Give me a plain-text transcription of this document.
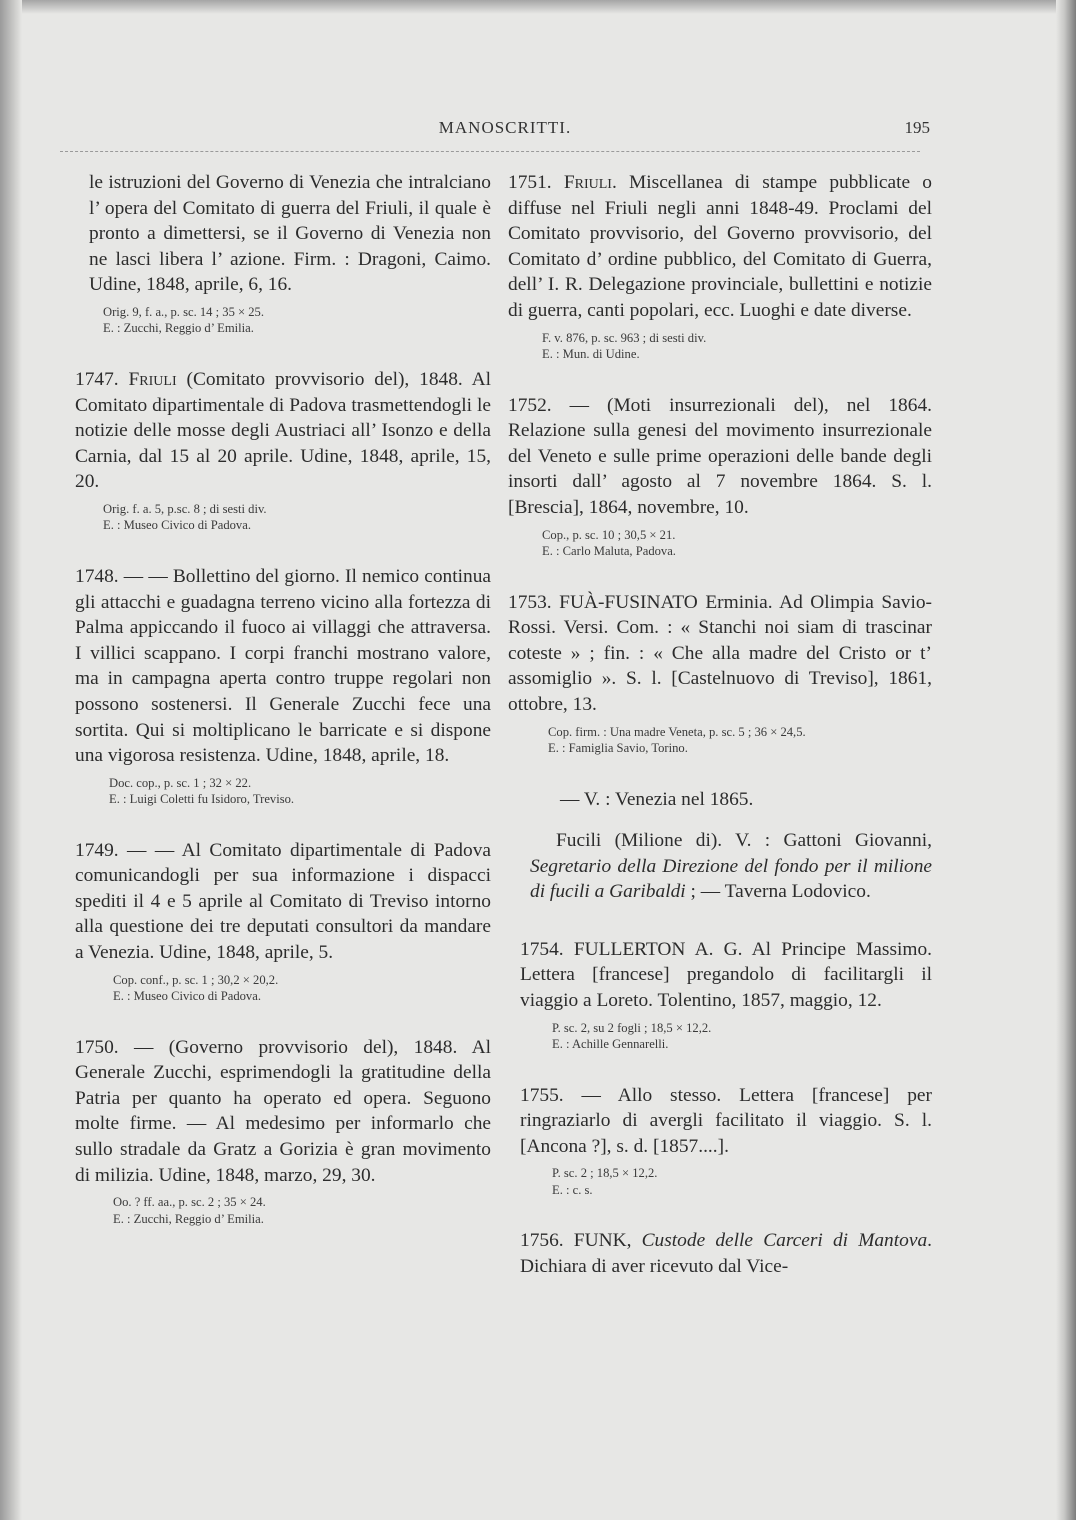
MANOSCRITTI.	195

le istruzioni del Governo di Venezia che intralciano l’ opera del Comitato di guerra del Friuli, il quale è pronto a dimettersi, se il Governo di Venezia non ne lasci libera l’ azione. Firm. : Dragoni, Caimo. Udine, 1848, aprile, 6, 16.

Orig. 9, f. a., p. sc. 14 ; 35 × 25.

E. : Zucchi, Reggio d’ Emilia.

1747. Friuli (Comitato provvisorio del), 1848. Al Comitato dipartimentale di Padova trasmettendogli le notizie delle mosse degli Austriaci all’ Isonzo e della Carnia, dal 15 al 20 aprile. Udine, 1848, aprile, 15, 20.

Orig. f. a. 5, p.sc. 8 ; di sesti div.

E. : Museo Civico di Padova.

1748. — — Bollettino del giorno. Il nemico continua gli attacchi e guadagna terreno vicino alla fortezza di Palma appiccando il fuoco ai villaggi che attraversa. I villici scappano. I corpi franchi mostrano valore, ma in campagna aperta contro truppe regolari non possono sostenersi. Il Generale Zucchi fece una sortita. Qui si moltiplicano le barricate e si dispone una vigorosa resistenza. Udine, 1848, aprile, 18.

Doc. cop., p. sc. 1 ; 32 × 22.

E. : Luigi Coletti fu Isidoro, Treviso.

1749. — — Al Comitato dipartimentale di Padova comunicandogli per sua informazione i dispacci spediti il 4 e 5 aprile al Comitato di Treviso intorno alla questione dei tre deputati consultori da mandare a Venezia. Udine, 1848, aprile, 5.

Cop. conf., p. sc. 1 ; 30,2 × 20,2.

E. : Museo Civico di Padova.

1750. — (Governo provvisorio del), 1848. Al Generale Zucchi, esprimendogli la gratitudine della Patria per quanto ha operato ed opera. Seguono molte firme. — Al medesimo per informarlo che sullo stradale da Gratz a Gorizia è gran movimento di milizia. Udine, 1848, marzo, 29, 30.

Oo. ? ff. aa., p. sc. 2 ; 35 × 24.

E. : Zucchi, Reggio d’ Emilia.

1751. Friuli. Miscellanea di stampe pubblicate o diffuse nel Friuli negli anni 1848-49. Proclami del Comitato provvisorio, del Governo provvisorio, del Comitato d’ ordine pubblico, del Comitato di Guerra, dell’ I. R. Delegazione provinciale, bullettini e notizie di guerra, canti popolari, ecc. Luoghi e date diverse.

F. v. 876, p. sc. 963 ; di sesti div.

E. : Mun. di Udine.

1752. — (Moti insurrezionali del), nel 1864. Relazione sulla genesi del movimento insurrezionale del Veneto e sulle prime operazioni delle bande degli insorti dall’ agosto al 7 novembre 1864. S. l. [Brescia], 1864, novembre, 10.

Cop., p. sc. 10 ; 30,5 × 21.

E. : Carlo Maluta, Padova.

1753. FUÀ-FUSINATO Erminia. Ad Olimpia Savio-Rossi. Versi. Com. : « Stanchi noi siam di trascinar coteste » ; fin. : « Che alla madre del Cristo or t’ assomiglio ». S. l. [Castelnuovo di Treviso], 1861, ottobre, 13.

Cop. firm. : Una madre Veneta, p. sc. 5 ; 36 × 24,5.

E. : Famiglia Savio, Torino.

— V. : Venezia nel 1865.

Fucili (Milione di). V. : Gattoni Giovanni, Segretario della Direzione del fondo per il milione di fucili a Garibaldi ; — Taverna Lodovico.

1754. FULLERTON A. G. Al Principe Massimo. Lettera [francese] pregandolo di facilitargli il viaggio a Loreto. Tolentino, 1857, maggio, 12.

P. sc. 2, su 2 fogli ; 18,5 × 12,2.

E. : Achille Gennarelli.

1755. — Allo stesso. Lettera [francese] per ringraziarlo di avergli facilitato il viaggio. S. l. [Ancona ?], s. d. [1857....].

P. sc. 2 ; 18,5 × 12,2.

E. : c. s.

1756. FUNK, Custode delle Carceri di Mantova. Dichiara di aver ricevuto dal Vice-
